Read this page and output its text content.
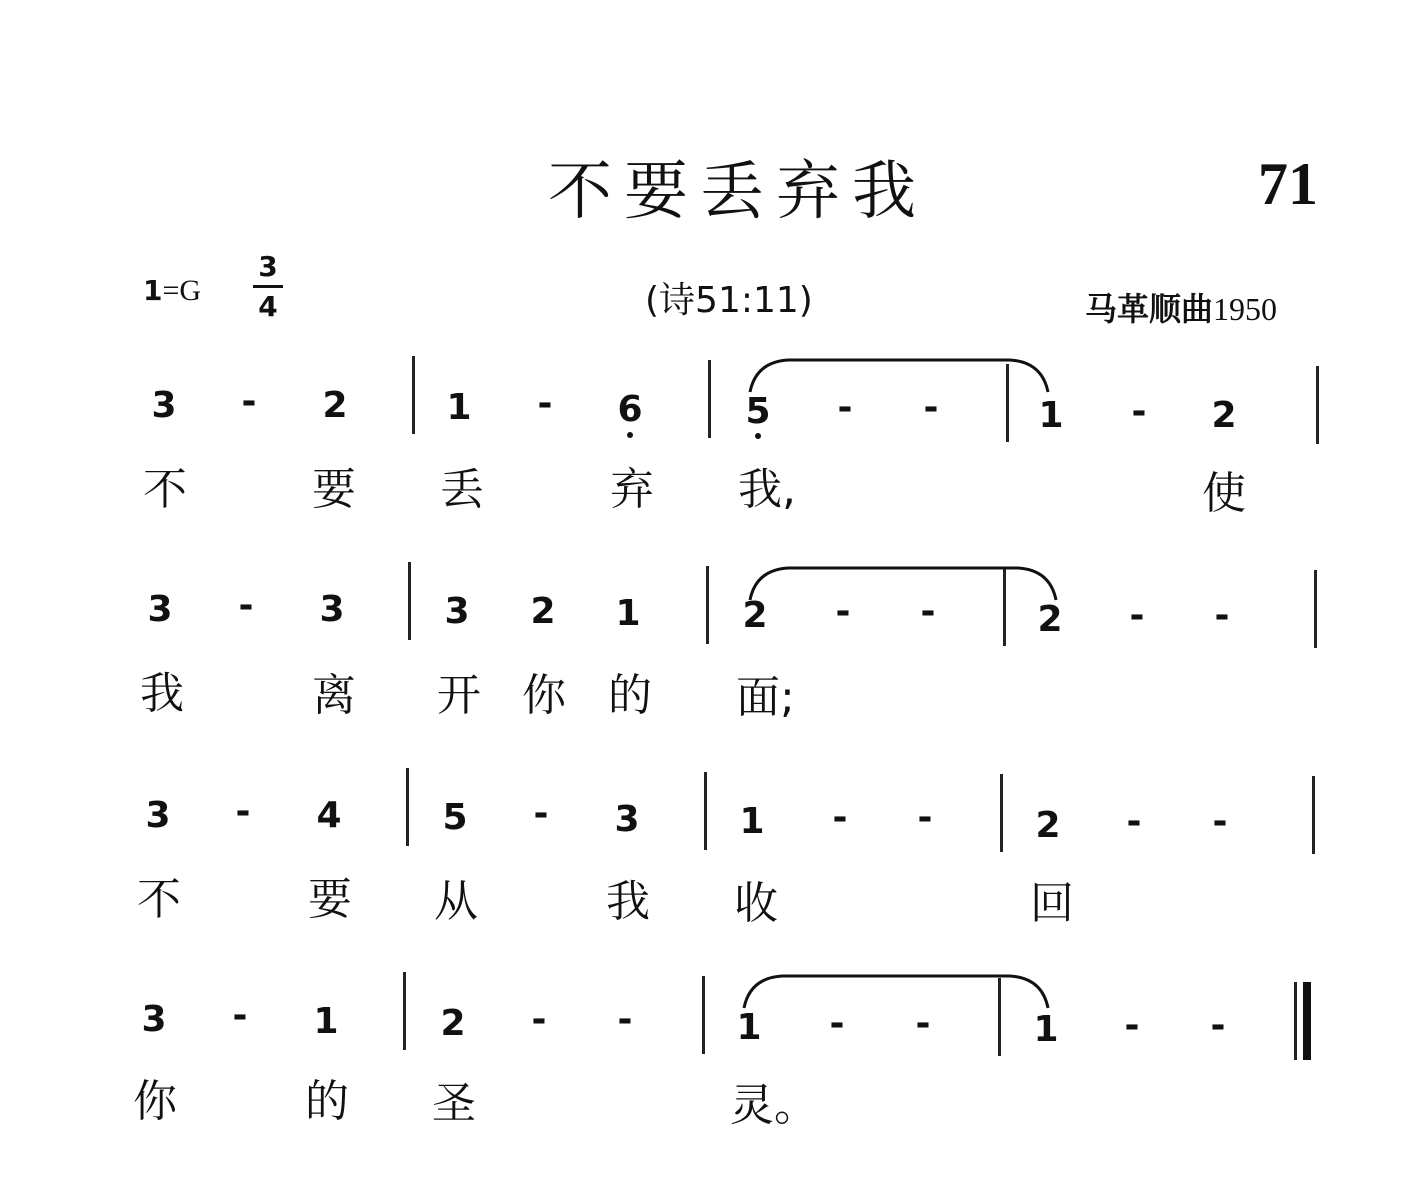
不要丢弃我	71
1=G
3
4	(诗51:11)	马革顺曲1950
3 - 2	1 - 6	5 - -	1 - 2
不	要 丢	弃 我,	使
3 - 3	3 2 1	2 - -	2 - -
我	离 开 你 的 面;
3 - 4	5 - 3	1 - -	2 - -
不	要 从	我 收	回
3 - 1	2 - -	1 - -	1 - -
你	的 圣	灵。
